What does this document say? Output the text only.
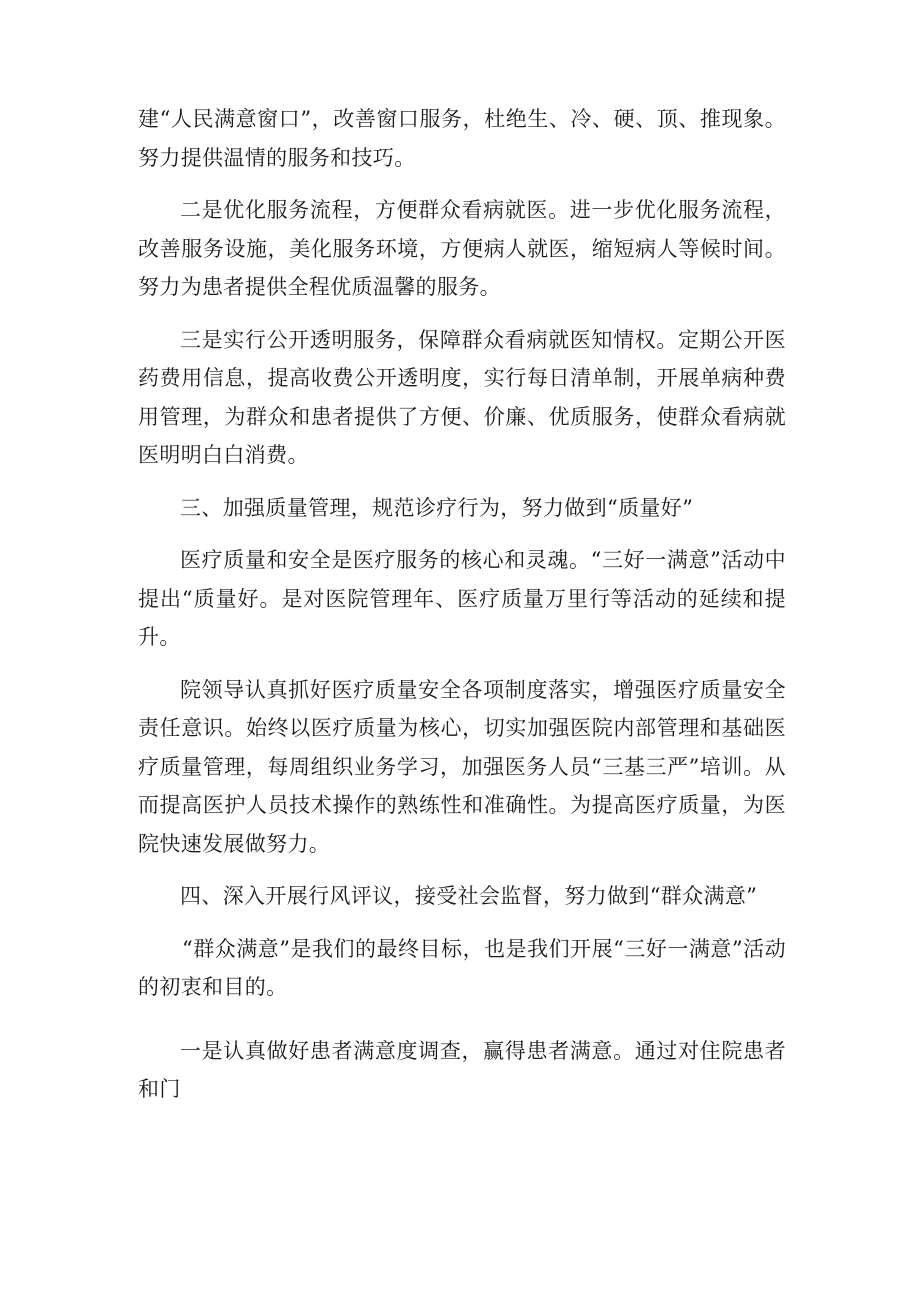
建“人民满意窗口”，改善窗口服务，杜绝生、冷、硬、顶、推现象。努力提供温情的服务和技巧。

二是优化服务流程，方便群众看病就医。进一步优化服务流程，改善服务设施，美化服务环境，方便病人就医，缩短病人等候时间。努力为患者提供全程优质温馨的服务。

三是实行公开透明服务，保障群众看病就医知情权。定期公开医药费用信息，提高收费公开透明度，实行每日清单制，开展单病种费用管理，为群众和患者提供了方便、价廉、优质服务，使群众看病就医明明白白消费。

三、加强质量管理，规范诊疗行为，努力做到“质量好”

医疗质量和安全是医疗服务的核心和灵魂。“三好一满意”活动中提出“质量好。是对医院管理年、医疗质量万里行等活动的延续和提升。

院领导认真抓好医疗质量安全各项制度落实，增强医疗质量安全责任意识。始终以医疗质量为核心，切实加强医院内部管理和基础医疗质量管理，每周组织业务学习，加强医务人员“三基三严”培训。从而提高医护人员技术操作的熟练性和准确性。为提高医疗质量，为医院快速发展做努力。

四、深入开展行风评议，接受社会监督，努力做到“群众满意”

“群众满意”是我们的最终目标，也是我们开展“三好一满意”活动的初衷和目的。

一是认真做好患者满意度调查，赢得患者满意。通过对住院患者和门
